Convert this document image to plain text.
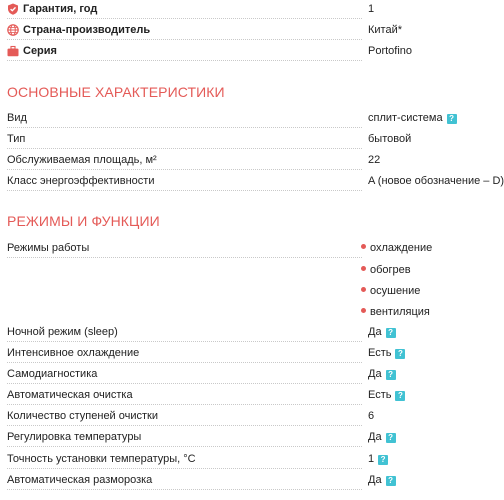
Гарантия, год	1
Страна-производитель	Китай*
Серия	Portofino
ОСНОВНЫЕ ХАРАКТЕРИСТИКИ
Вид	сплит-система ?
Тип	бытовой
Обслуживаемая площадь, м²	22
Класс энергоэффективности	A (новое обозначение – D)
РЕЖИМЫ И ФУНКЦИИ
Режимы работы	охлаждение
обогрев
осушение
вентиляция
Ночной режим (sleep)	Да ?
Интенсивное охлаждение	Есть ?
Самодиагностика	Да ?
Автоматическая очистка	Есть ?
Количество ступеней очистки	6
Регулировка температуры	Да ?
Точность установки температуры, °C	1 ?
Автоматическая разморозка	Да ?
